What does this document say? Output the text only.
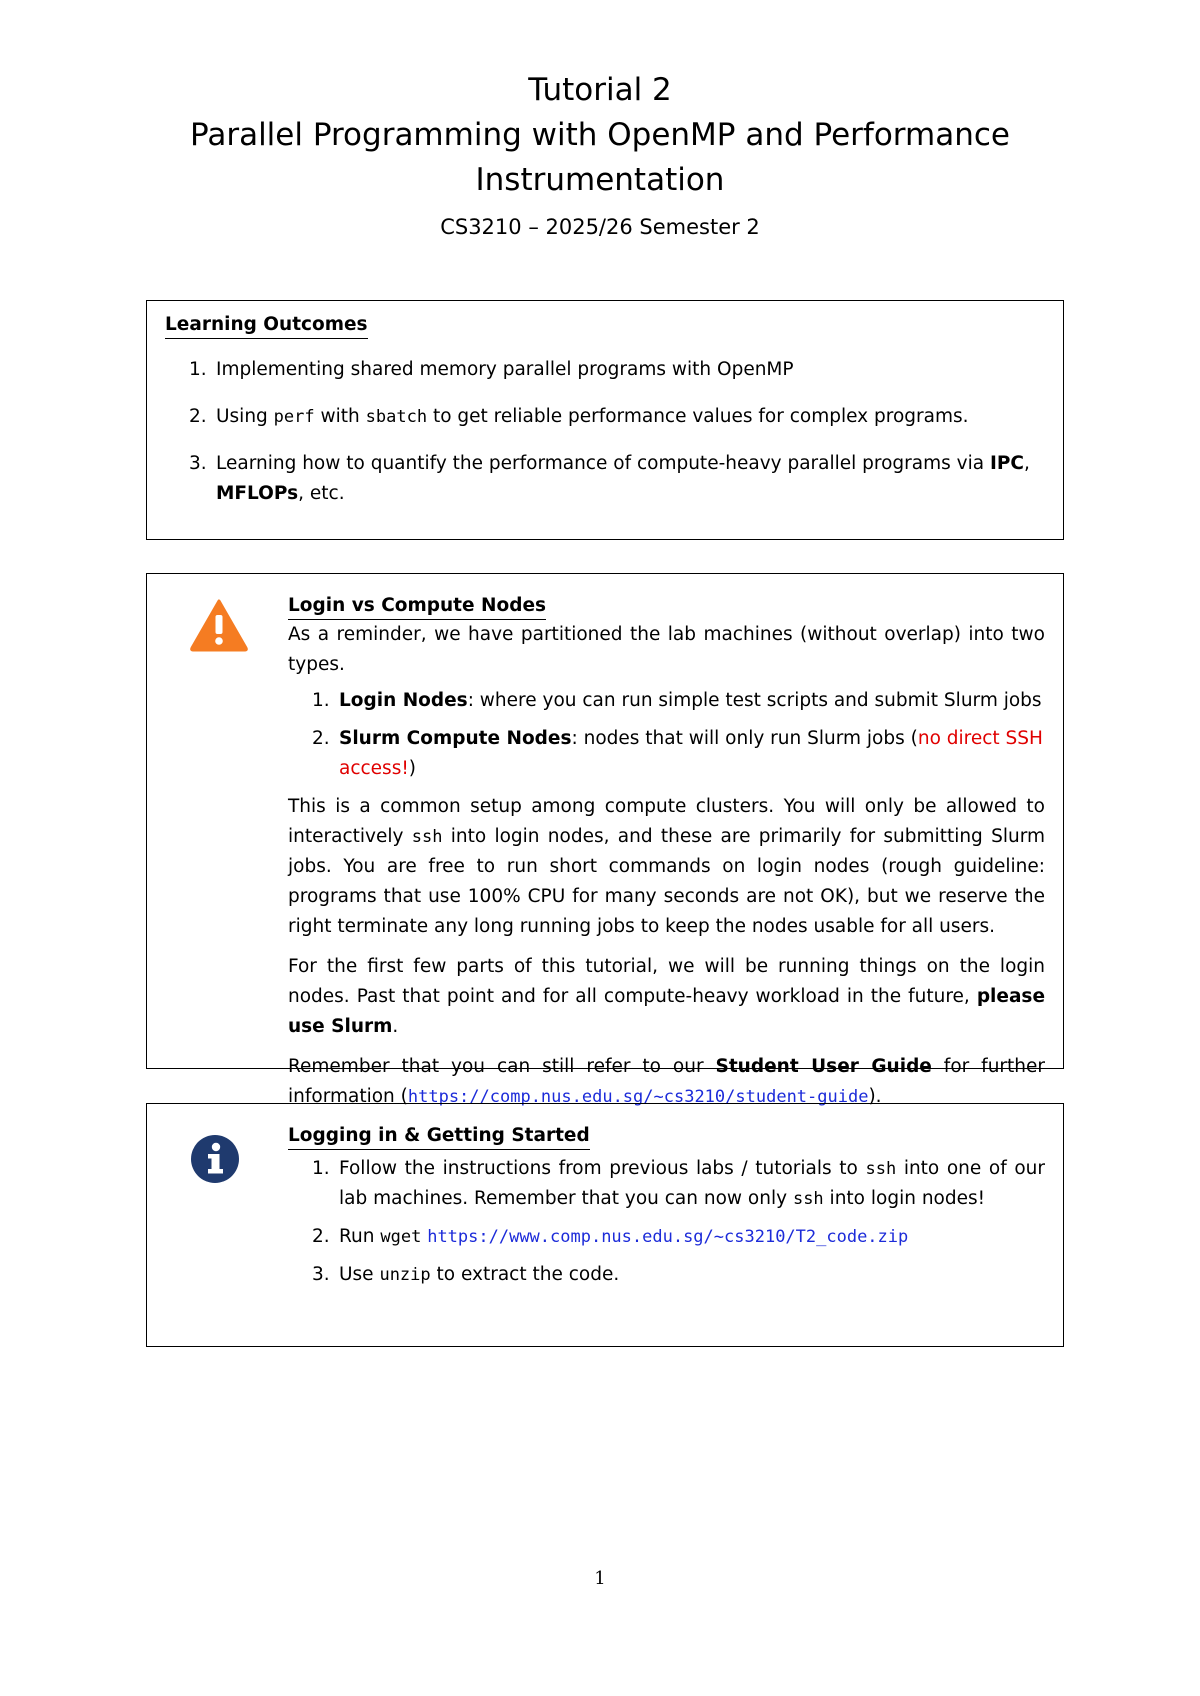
Tutorial 2
Parallel Programming with OpenMP and Performance
Instrumentation
CS3210 – 2025/26 Semester 2
Learning Outcomes
1. Implementing shared memory parallel programs with OpenMP
2. Using perf with sbatch to get reliable performance values for complex programs.
3. Learning how to quantify the performance of compute-heavy parallel programs via IPC, MFLOPs, etc.
Login vs Compute Nodes

As a reminder, we have partitioned the lab machines (without overlap) into two types.

1. Login Nodes: where you can run simple test scripts and submit Slurm jobs
2. Slurm Compute Nodes: nodes that will only run Slurm jobs (no direct SSH access!)

This is a common setup among compute clusters. You will only be allowed to interactively ssh into login nodes, and these are primarily for submitting Slurm jobs. You are free to run short commands on login nodes (rough guideline: programs that use 100% CPU for many seconds are not OK), but we reserve the right terminate any long running jobs to keep the nodes usable for all users.

For the first few parts of this tutorial, we will be running things on the login nodes. Past that point and for all compute-heavy workload in the future, please use Slurm.

Remember that you can still refer to our Student User Guide for further information (https://comp.nus.edu.sg/~cs3210/student-guide).

Logging in & Getting Started
1. Follow the instructions from previous labs / tutorials to ssh into one of our lab machines. Remember that you can now only ssh into login nodes!
2. Run wget https://www.comp.nus.edu.sg/~cs3210/T2_code.zip
3. Use unzip to extract the code.
1
